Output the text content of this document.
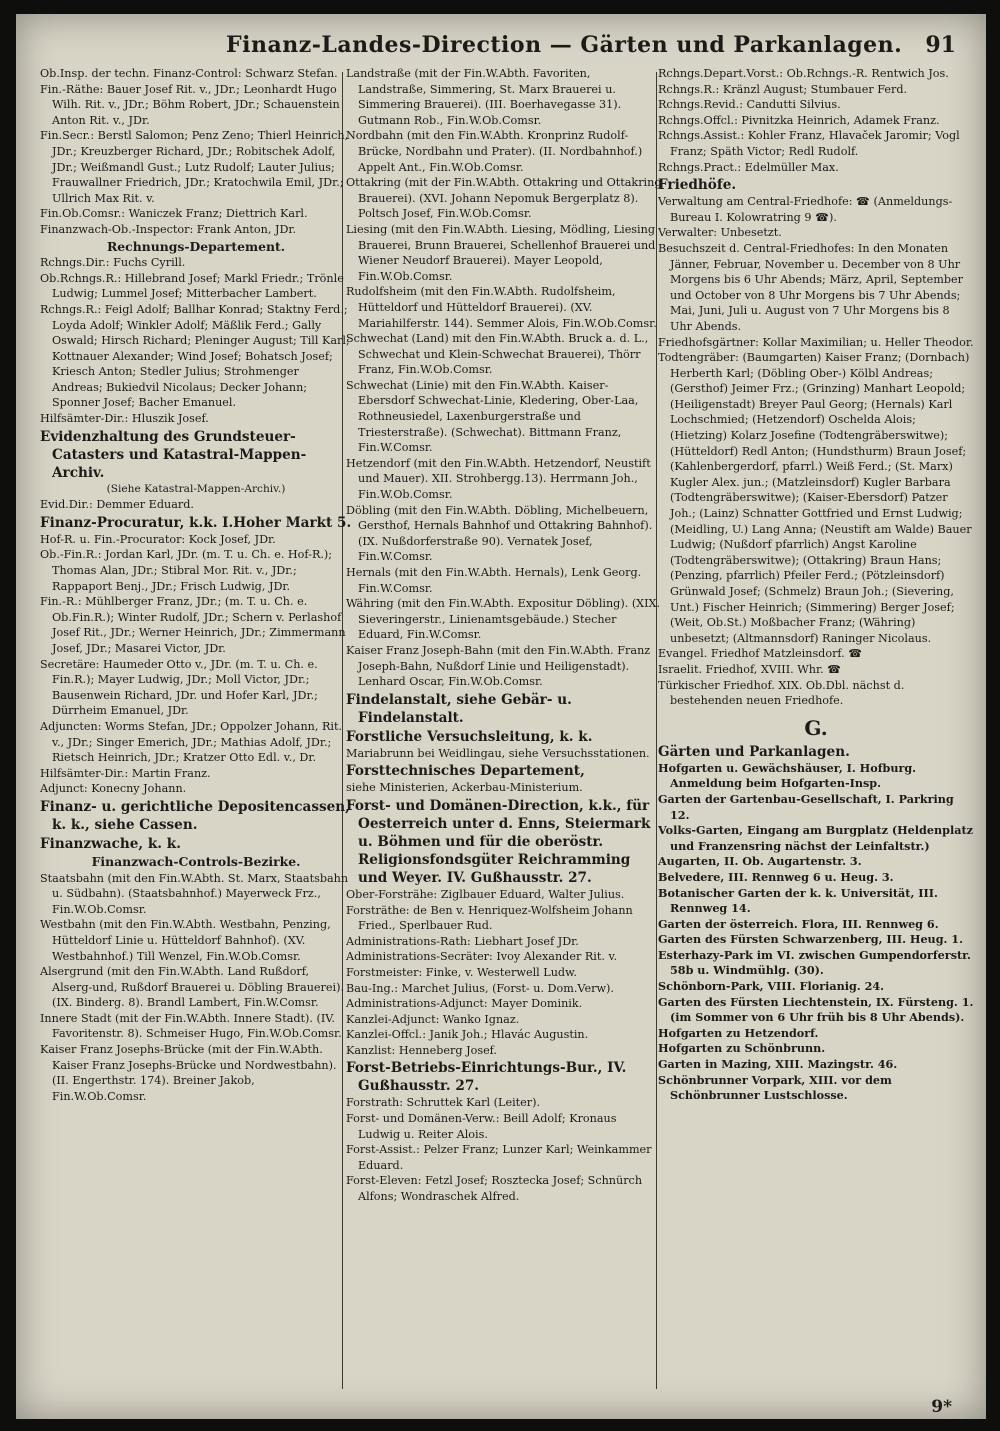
Finanz-Landes-Direction — Gärten und Parkanlagen. 91

Ob.Insp. der techn. Finanz-Control: Schwarz Stefan.

Fin.-Räthe: Bauer Josef Rit. v., JDr.; Leonhardt Hugo Wilh. Rit. v., JDr.; Böhm Robert, JDr.; Schauenstein Anton Rit. v., JDr.

Fin.Secr.: Berstl Salomon; Penz Zeno; Thierl Heinrich, JDr.; Kreuzberger Richard, JDr.; Robitschek Adolf, JDr.; Weißmandl Gust.; Lutz Rudolf; Lauter Julius; Frauwallner Friedrich, JDr.; Kratochwila Emil, JDr.; Ullrich Max Rit. v.

Fin.Ob.Comsr.: Waniczek Franz; Diettrich Karl.

Finanzwach-Ob.-Inspector: Frank Anton, JDr.

Rechnungs-Departement.

Rchngs.Dir.: Fuchs Cyrill.

Ob.Rchngs.R.: Hillebrand Josef; Markl Friedr.; Trönle Ludwig; Lummel Josef; Mitterbacher Lambert.

Rchngs.R.: Feigl Adolf; Ballhar Konrad; Staktny Ferd.; Loyda Adolf; Winkler Adolf; Mäßlik Ferd.; Gally Oswald; Hirsch Richard; Pleninger August; Till Karl; Kottnauer Alexander; Wind Josef; Bohatsch Josef; Kriesch Anton; Stedler Julius; Strohmenger Andreas; Bukiedvil Nicolaus; Decker Johann; Sponner Josef; Bacher Emanuel.

Hilfsämter-Dir.: Hluszik Josef.

Evidenzhaltung des Grundsteuer-Catasters und Katastral-Mappen-Archiv.

(Siehe Katastral-Mappen-Archiv.)

Evid.Dir.: Demmer Eduard.

Finanz-Procuratur, k.k. I.Hoher Markt 5.

Hof-R. u. Fin.-Procurator: Kock Josef, JDr.

Ob.-Fin.R.: Jordan Karl, JDr. (m. T. u. Ch. e. Hof-R.); Thomas Alan, JDr.; Stibral Mor. Rit. v., JDr.; Rappaport Benj., JDr.; Frisch Ludwig, JDr.

Fin.-R.: Mühlberger Franz, JDr.; (m. T. u. Ch. e. Ob.Fin.R.); Winter Rudolf, JDr.; Schern v. Perlashof Josef Rit., JDr.; Werner Heinrich, JDr.; Zimmermann Josef, JDr.; Masarei Victor, JDr.

Secretäre: Haumeder Otto v., JDr. (m. T. u. Ch. e. Fin.R.); Mayer Ludwig, JDr.; Moll Victor, JDr.; Bausenwein Richard, JDr. und Hofer Karl, JDr.; Dürrheim Emanuel, JDr.

Adjuncten: Worms Stefan, JDr.; Oppolzer Johann, Rit. v., JDr.; Singer Emerich, JDr.; Mathias Adolf, JDr.; Rietsch Heinrich, JDr.; Kratzer Otto Edl. v., Dr.

Hilfsämter-Dir.: Martin Franz.

Adjunct: Konecny Johann.

Finanz- u. gerichtliche Depositencassen, k. k., siehe Cassen.

Finanzwache, k. k.

Finanzwach-Controls-Bezirke.

Staatsbahn (mit den Fin.W.Abth. St. Marx, Staatsbahn u. Südbahn). (Staatsbahnhof.) Mayerweck Frz., Fin.W.Ob.Comsr.

Westbahn (mit den Fin.W.Abth. Westbahn, Penzing, Hütteldorf Linie u. Hütteldorf Bahnhof). (XV. Westbahnhof.) Till Wenzel, Fin.W.Ob.Comsr.

Alsergrund (mit den Fin.W.Abth. Land Rußdorf, Alserg-und, Rußdorf Brauerei u. Döbling Brauerei). (IX. Binderg. 8). Brandl Lambert, Fin.W.Comsr.

Innere Stadt (mit der Fin.W.Abth. Innere Stadt). (IV. Favoritenstr. 8). Schmeiser Hugo, Fin.W.Ob.Comsr.

Kaiser Franz Josephs-Brücke (mit der Fin.W.Abth. Kaiser Franz Josephs-Brücke und Nordwestbahn). (II. Engerthstr. 174). Breiner Jakob, Fin.W.Ob.Comsr.

Landstraße (mit der Fin.W.Abth. Favoriten, Landstraße, Simmering, St. Marx Brauerei u. Simmering Brauerei). (III. Boerhavegasse 31). Gutmann Rob., Fin.W.Ob.Comsr.

Nordbahn (mit den Fin.W.Abth. Kronprinz Rudolf-Brücke, Nordbahn und Prater). (II. Nordbahnhof.) Appelt Ant., Fin.W.Ob.Comsr.

Ottakring (mit der Fin.W.Abth. Ottakring und Ottakring Brauerei). (XVI. Johann Nepomuk Bergerplatz 8). Poltsch Josef, Fin.W.Ob.Comsr.

Liesing (mit den Fin.W.Abth. Liesing, Mödling, Liesing Brauerei, Brunn Brauerei, Schellenhof Brauerei und Wiener Neudorf Brauerei). Mayer Leopold, Fin.W.Ob.Comsr.

Rudolfsheim (mit den Fin.W.Abth. Rudolfsheim, Hütteldorf und Hütteldorf Brauerei). (XV. Mariahilferstr. 144). Semmer Alois, Fin.W.Ob.Comsr.

Schwechat (Land) mit den Fin.W.Abth. Bruck a. d. L., Schwechat und Klein-Schwechat Brauerei), Thörr Franz, Fin.W.Ob.Comsr.

Schwechat (Linie) mit den Fin.W.Abth. Kaiser-Ebersdorf Schwechat-Linie, Kledering, Ober-Laa, Rothneusiedel, Laxenburgerstraße und Triesterstraße). (Schwechat). Bittmann Franz, Fin.W.Comsr.

Hetzendorf (mit den Fin.W.Abth. Hetzendorf, Neustift und Mauer). XII. Strohbergg.13). Herrmann Joh., Fin.W.Ob.Comsr.

Döbling (mit den Fin.W.Abth. Döbling, Michelbeuern, Gersthof, Hernals Bahnhof und Ottakring Bahnhof). (IX. Nußdorferstraße 90). Vernatek Josef, Fin.W.Comsr.

Hernals (mit den Fin.W.Abth. Hernals), Lenk Georg. Fin.W.Comsr.

Währing (mit den Fin.W.Abth. Expositur Döbling). (XIX. Sieveringerstr., Linienamtsgebäude.) Stecher Eduard, Fin.W.Comsr.

Kaiser Franz Joseph-Bahn (mit den Fin.W.Abth. Franz Joseph-Bahn, Nußdorf Linie und Heiligenstadt). Lenhard Oscar, Fin.W.Ob.Comsr.

Findelanstalt, siehe Gebär- u. Findelanstalt.

Forstliche Versuchsleitung, k. k.

Mariabrunn bei Weidlingau, siehe Versuchsstationen.

Forsttechnisches Departement,

siehe Ministerien, Ackerbau-Ministerium.

Forst- und Domänen-Direction, k.k., für Oesterreich unter d. Enns, Steiermark u. Böhmen und für die oberöstr. Religionsfondsgüter Reichramming und Weyer. IV. Gußhausstr. 27.

Ober-Forsträhe: Ziglbauer Eduard, Walter Julius.

Forsträthe: de Ben v. Henriquez-Wolfsheim Johann Fried., Sperlbauer Rud.

Administrations-Rath: Liebhart Josef JDr.

Administrations-Secräter: Ivoy Alexander Rit. v.

Forstmeister: Finke, v. Westerwell Ludw.

Bau-Ing.: Marchet Julius, (Forst- u. Dom.Verw).

Administrations-Adjunct: Mayer Dominik.

Kanzlei-Adjunct: Wanko Ignaz.

Kanzlei-Offcl.: Janik Joh.; Hlavác Augustin.

Kanzlist: Henneberg Josef.

Forst-Betriebs-Einrichtungs-Bur., IV. Gußhausstr. 27.

Forstrath: Schruttek Karl (Leiter).

Forst- und Domänen-Verw.: Beill Adolf; Kronaus Ludwig u. Reiter Alois.

Forst-Assist.: Pelzer Franz; Lunzer Karl; Weinkammer Eduard.

Forst-Eleven: Fetzl Josef; Rosztecka Josef; Schnürch Alfons; Wondraschek Alfred.

Rchngs.Depart.Vorst.: Ob.Rchngs.-R. Rentwich Jos.

Rchngs.R.: Kränzl August; Stumbauer Ferd.

Rchngs.Revid.: Candutti Silvius.

Rchngs.Offcl.: Pivnitzka Heinrich, Adamek Franz.

Rchngs.Assist.: Kohler Franz, Hlavaček Jaromir; Vogl Franz; Späth Victor; Redl Rudolf.

Rchngs.Pract.: Edelmüller Max.

Friedhöfe.

Verwaltung am Central-Friedhofe: ☎ (Anmeldungs-Bureau I. Kolowratring 9 ☎).

Verwalter: Unbesetzt.

Besuchszeit d. Central-Friedhofes: In den Monaten Jänner, Februar, November u. December von 8 Uhr Morgens bis 6 Uhr Abends; März, April, September und October von 8 Uhr Morgens bis 7 Uhr Abends; Mai, Juni, Juli u. August von 7 Uhr Morgens bis 8 Uhr Abends.

Friedhofsgärtner: Kollar Maximilian; u. Heller Theodor.

Todtengräber: (Baumgarten) Kaiser Franz; (Dornbach) Herberth Karl; (Döbling Ober-) Kölbl Andreas; (Gersthof) Jeimer Frz.; (Grinzing) Manhart Leopold; (Heiligenstadt) Breyer Paul Georg; (Hernals) Karl Lochschmied; (Hetzendorf) Oschelda Alois; (Hietzing) Kolarz Josefine (Todtengräberswitwe); (Hütteldorf) Redl Anton; (Hundsthurm) Braun Josef; (Kahlenbergerdorf, pfarrl.) Weiß Ferd.; (St. Marx) Kugler Alex. jun.; (Matzleinsdorf) Kugler Barbara (Todtengräberswitwe); (Kaiser-Ebersdorf) Patzer Joh.; (Lainz) Schnatter Gottfried und Ernst Ludwig; (Meidling, U.) Lang Anna; (Neustift am Walde) Bauer Ludwig; (Nußdorf pfarrlich) Angst Karoline (Todtengräberswitwe); (Ottakring) Braun Hans; (Penzing, pfarrlich) Pfeiler Ferd.; (Pötzleinsdorf) Grünwald Josef; (Schmelz) Braun Joh.; (Sievering, Unt.) Fischer Heinrich; (Simmering) Berger Josef; (Weit, Ob.St.) Moßbacher Franz; (Währing) unbesetzt; (Altmannsdorf) Raninger Nicolaus.

Evangel. Friedhof Matzleinsdorf. ☎

Israelit. Friedhof, XVIII. Whr. ☎

Türkischer Friedhof. XIX. Ob.Dbl. nächst d. bestehenden neuen Friedhofe.

G.

Gärten und Parkanlagen.

Hofgarten u. Gewächshäuser, I. Hofburg. Anmeldung beim Hofgarten-Insp.

Garten der Gartenbau-Gesellschaft, I. Parkring 12.

Volks-Garten, Eingang am Burgplatz (Heldenplatz und Franzensring nächst der Leinfaltstr.)

Augarten, II. Ob. Augartenstr. 3.

Belvedere, III. Rennweg 6 u. Heug. 3.

Botanischer Garten der k. k. Universität, III. Rennweg 14.

Garten der österreich. Flora, III. Rennweg 6.

Garten des Fürsten Schwarzenberg, III. Heug. 1.

Esterhazy-Park im VI. zwischen Gumpendorferstr. 58b u. Windmühlg. (30).

Schönborn-Park, VIII. Florianig. 24.

Garten des Fürsten Liechtenstein, IX. Fürsteng. 1. (im Sommer von 6 Uhr früh bis 8 Uhr Abends).

Hofgarten zu Hetzendorf.

Hofgarten zu Schönbrunn.

Garten in Mazing, XIII. Mazingstr. 46.

Schönbrunner Vorpark, XIII. vor dem Schönbrunner Lustschlosse.

9*
